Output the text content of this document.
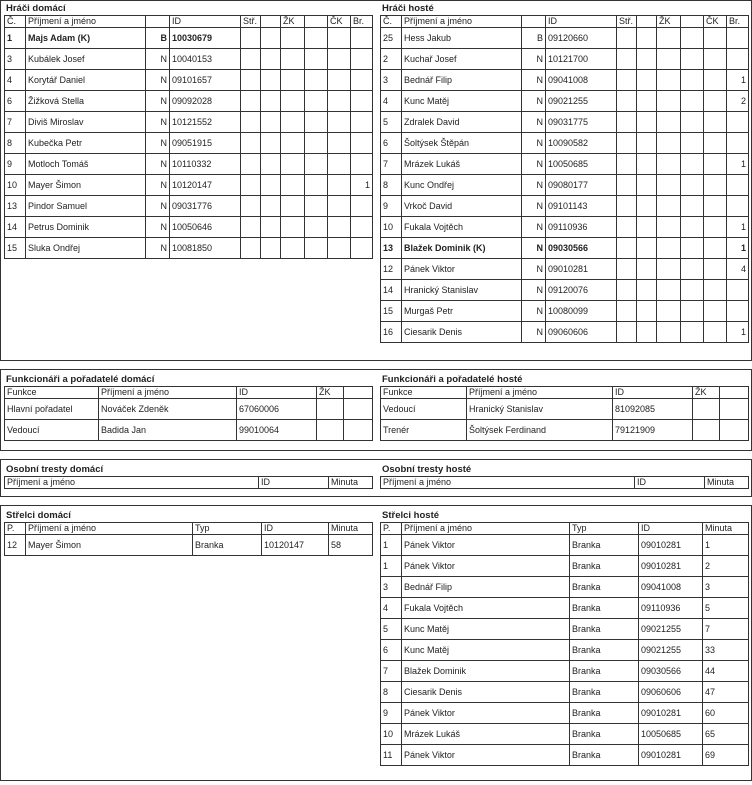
Hráči domácí
Č.	Příjmení a jméno		ID	Stř.		ŽK		ČK	Br.
1	Majs Adam (K)	B	10030679						
3	Kubálek Josef	N	10040153						
4	Korytář Daniel	N	09101657						
6	Žižková Stella	N	09092028						
7	Diviš Miroslav	N	10121552						
8	Kubečka Petr	N	09051915						
9	Motloch Tomáš	N	10110332						
10	Mayer Šimon	N	10120147						1
13	Pindor Samuel	N	09031776						
14	Petrus Dominik	N	10050646						
15	Sluka Ondřej	N	10081850						
Hráči hosté
Č.	Příjmení a jméno		ID	Stř.		ŽK		ČK	Br.
25	Hess Jakub	B	09120660						
2	Kuchař Josef	N	10121700						
3	Bednář Filip	N	09041008						1
4	Kunc Matěj	N	09021255						2
5	Zdralek David	N	09031775						
6	Šoltýsek Štěpán	N	10090582						
7	Mrázek Lukáš	N	10050685						1
8	Kunc Ondřej	N	09080177						
9	Vrkoč David	N	09101143						
10	Fukala Vojtěch	N	09110936						1
13	Blažek Dominik (K)	N	09030566						1
12	Pánek Viktor	N	09010281						4
14	Hranický Stanislav	N	09120076						
15	Murgaš Petr	N	10080099						
16	Ciesarik Denis	N	09060606						1
Funkcionáři a pořadatelé domácí
Funkce	Příjmení a jméno	ID	ŽK	
Hlavní pořadatel	Nováček Zdeněk	67060006		
Vedoucí	Badida Jan	99010064		
Funkcionáři a pořadatelé hosté
Funkce	Příjmení a jméno	ID	ŽK	
Vedoucí	Hranický Stanislav	81092085		
Trenér	Šoltýsek Ferdinand	79121909		
Osobní tresty domácí
Příjmení a jméno	ID	Minuta
Osobní tresty hosté
Příjmení a jméno	ID	Minuta
Střelci domácí
P.	Příjmení a jméno	Typ	ID	Minuta
12	Mayer Šimon	Branka	10120147	58
Střelci hosté
P.	Příjmení a jméno	Typ	ID	Minuta
1	Pánek Viktor	Branka	09010281	1
1	Pánek Viktor	Branka	09010281	2
3	Bednář Filip	Branka	09041008	3
4	Fukala Vojtěch	Branka	09110936	5
5	Kunc Matěj	Branka	09021255	7
6	Kunc Matěj	Branka	09021255	33
7	Blažek Dominik	Branka	09030566	44
8	Ciesarik Denis	Branka	09060606	47
9	Pánek Viktor	Branka	09010281	60
10	Mrázek Lukáš	Branka	10050685	65
11	Pánek Viktor	Branka	09010281	69
